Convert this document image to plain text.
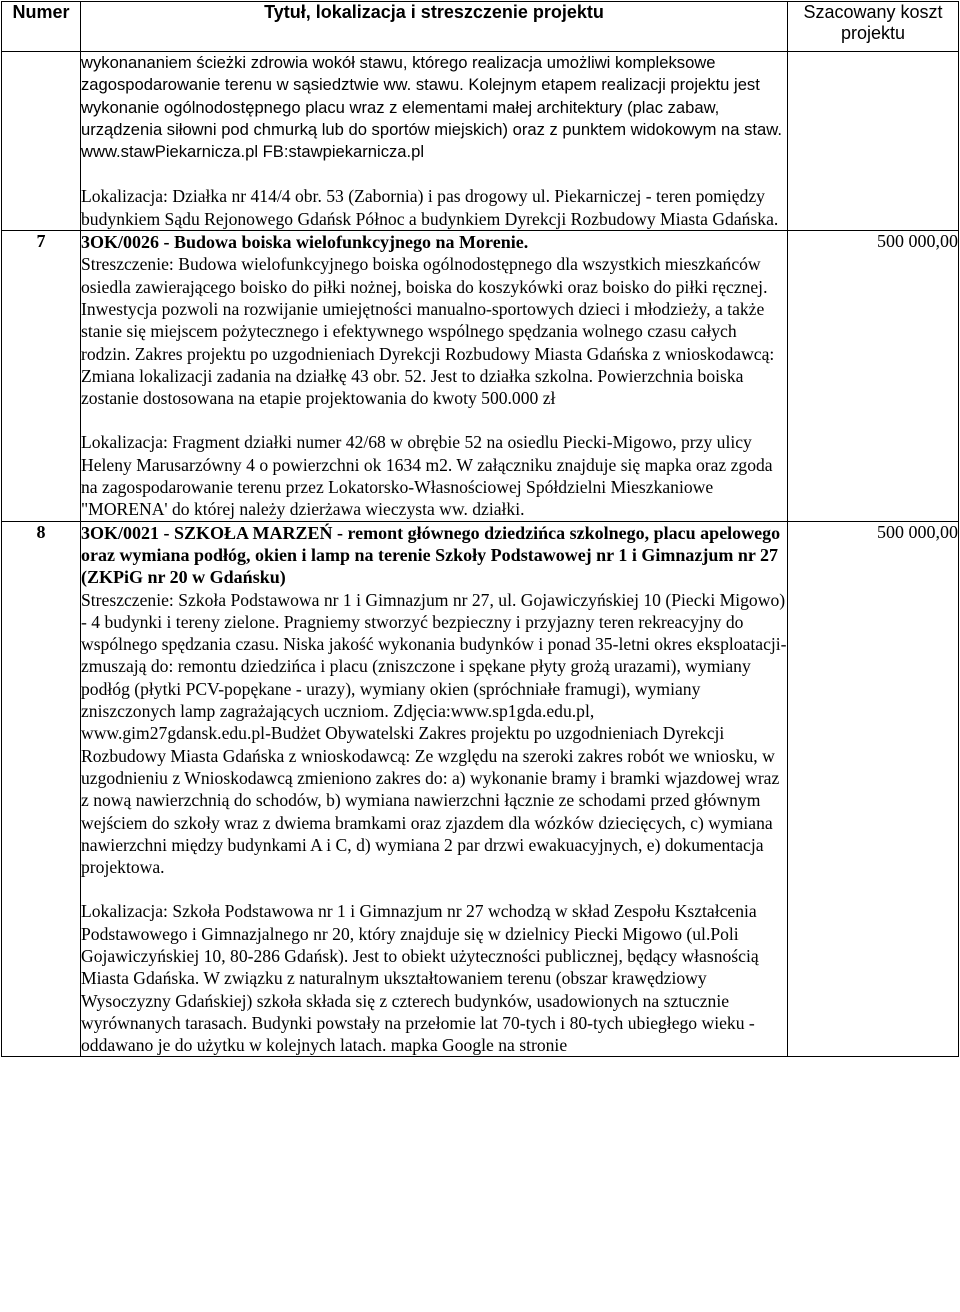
Numer	Tytuł, lokalizacja i streszczenie projektu	Szacowany koszt projektu

	wykonananiem ścieżki zdrowia wokół stawu, którego realizacja umożliwi kompleksowe zagospodarowanie terenu w sąsiedztwie ww. stawu. Kolejnym etapem realizacji projektu jest wykonanie ogólnodostępnego placu wraz z elementami małej architektury (plac zabaw, urządzenia siłowni pod chmurką lub do sportów miejskich) oraz z punktem widokowym na staw. www.stawPiekarnicza.pl FB:stawpiekarnicza.pl

Lokalizacja: Działka nr 414/4 obr. 53 (Zabornia) i pas drogowy ul. Piekarniczej - teren pomiędzy budynkiem Sądu Rejonowego Gdańsk Północ a budynkiem Dyrekcji Rozbudowy Miasta Gdańska.	

7	3OK/0026 - Budowa boiska wielofunkcyjnego na Morenie.

Streszczenie: Budowa wielofunkcyjnego boiska ogólnodostępnego dla wszystkich mieszkańców osiedla zawierającego boisko do piłki nożnej, boiska do koszykówki oraz boisko do piłki ręcznej. Inwestycja pozwoli na rozwijanie umiejętności manualno-sportowych dzieci i młodzieży, a także stanie się miejscem pożytecznego i efektywnego wspólnego spędzania wolnego czasu całych rodzin. Zakres projektu po uzgodnieniach Dyrekcji Rozbudowy Miasta Gdańska z wnioskodawcą: Zmiana lokalizacji zadania na działkę 43 obr. 52. Jest to działka szkolna. Powierzchnia boiska zostanie dostosowana na etapie projektowania do kwoty 500.000 zł

Lokalizacja: Fragment działki numer 42/68 w obrębie 52 na osiedlu Piecki-Migowo, przy ulicy Heleny Marusarzówny 4 o powierzchni ok 1634 m2. W załączniku znajduje się mapka oraz zgoda na zagospodarowanie terenu przez Lokatorsko-Własnościowej Spółdzielni Mieszkaniowe "MORENA' do której należy dzierżawa wieczysta ww. działki.	500 000,00
8	3OK/0021 - SZKOŁA MARZEŃ - remont głównego dziedzińca szkolnego, placu apelowego oraz wymiana podłóg, okien i lamp na terenie Szkoły Podstawowej nr 1 i Gimnazjum nr 27 (ZKPiG nr 20 w Gdańsku)

Streszczenie: Szkoła Podstawowa nr 1 i Gimnazjum nr 27, ul. Gojawiczyńskiej 10 (Piecki Migowo) - 4 budynki i tereny zielone. Pragniemy stworzyć bezpieczny i przyjazny teren rekreacyjny do wspólnego spędzania czasu. Niska jakość wykonania budynków i ponad 35-letni okres eksploatacji-zmuszają do: remontu dziedzińca i placu (zniszczone i spękane płyty grożą urazami), wymiany podłóg (płytki PCV-popękane - urazy), wymiany okien (spróchniałe framugi), wymiany zniszczonych lamp zagrażających uczniom. Zdjęcia:www.sp1gda.edu.pl, www.gim27gdansk.edu.pl-Budżet Obywatelski Zakres projektu po uzgodnieniach Dyrekcji Rozbudowy Miasta Gdańska z wnioskodawcą: Ze względu na szeroki zakres robót we wniosku, w uzgodnieniu z Wnioskodawcą zmieniono zakres do: a) wykonanie bramy i bramki wjazdowej wraz z nową nawierzchnią do schodów, b) wymiana nawierzchni łącznie ze schodami przed głównym wejściem do szkoły wraz z dwiema bramkami oraz zjazdem dla wózków dziecięcych, c) wymiana nawierzchni między budynkami A i C, d) wymiana 2 par drzwi ewakuacyjnych, e) dokumentacja projektowa.

Lokalizacja: Szkoła Podstawowa nr 1 i Gimnazjum nr 27 wchodzą w skład Zespołu Kształcenia Podstawowego i Gimnazjalnego nr 20, który znajduje się w dzielnicy Piecki Migowo (ul.Poli Gojawiczyńskiej 10, 80-286 Gdańsk). Jest to obiekt użyteczności publicznej, będący własnością Miasta Gdańska. W związku z naturalnym ukształtowaniem terenu (obszar krawędziowy Wysoczyzny Gdańskiej) szkoła składa się z czterech budynków, usadowionych na sztucznie wyrównanych tarasach. Budynki powstały na przełomie lat 70-tych i 80-tych ubiegłego wieku - oddawano je do użytku w kolejnych latach. mapka Google na stronie	500 000,00
